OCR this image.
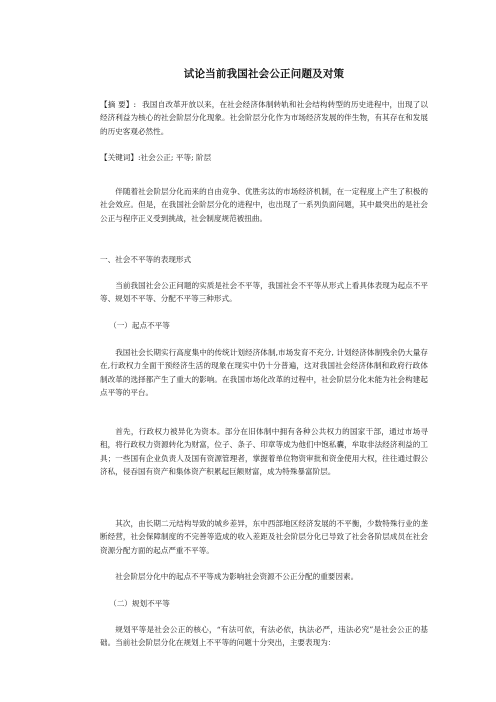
试论当前我国社会公正问题及对策

【摘 要】: 我国自改革开放以来，在社会经济体制转轨和社会结构转型的历史进程中，出现了以经济利益为核心的社会阶层分化现象。社会阶层分化作为市场经济发展的伴生物，有其存在和发展的历史客观必然性。

【关键词】:社会公正; 平等; 阶层

伴随着社会阶层分化而来的自由竞争、优胜劣汰的市场经济机制，在一定程度上产生了积极的社会效应。但是，在我国社会阶层分化的进程中，也出现了一系列负面问题，其中最突出的是社会公正与程序正义受到挑战，社会制度规范被扭曲。

一、社会不平等的表现形式

当前我国社会公正问题的实质是社会不平等，我国社会不平等从形式上看具体表现为起点不平等、规划不平等、分配不平等三种形式。

（一）起点不平等

我国社会长期实行高度集中的传统计划经济体制,市场发育不充分, 计划经济体制残余仍大量存在,行政权力全面干预经济生活的现象在现实中仍十分普遍，这对我国社会经济体制和政府行政体制改革的选择都产生了重大的影响。在我国市场化改革的过程中，社会阶层分化未能为社会构建起点平等的平台。

首先，行政权力被异化为资本。部分在旧体制中拥有各种公共权力的国家干部，通过市场寻租，将行政权力资源转化为财富，位子、条子、印章等成为他们中饱私囊，牟取非法经济利益的工具；一些国有企业负责人及国有资源管理者，掌握着单位物资审批和资金使用大权，往往通过假公济私，侵吞国有资产和集体资产积累起巨额财富，成为特殊暴富阶层。

其次，由长期二元结构导致的城乡差异，东中西部地区经济发展的不平衡，少数特殊行业的垄断经营，社会保障制度的不完善等造成的收入差距及社会阶层分化已导致了社会各阶层成员在社会资源分配方面的起点严重不平等。

社会阶层分化中的起点不平等成为影响社会资源不公正分配的重要因素。

（二）规划不平等

规划平等是社会公正的核心，“有法可依，有法必依，执法必严，违法必究”是社会公正的基础。当前社会阶层分化在规划上不平等的问题十分突出，主要表现为：
